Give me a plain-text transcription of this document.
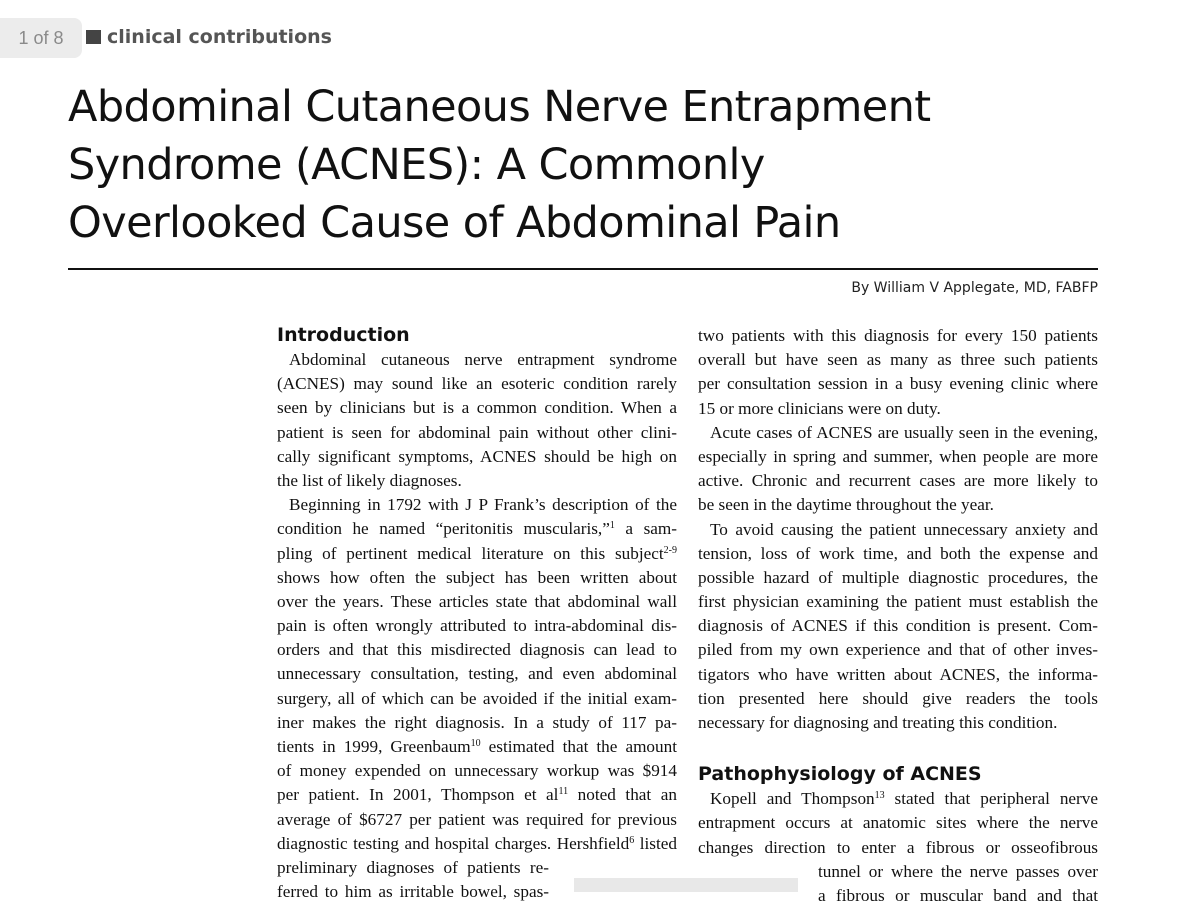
1 of 8	clinical contributions
Abdominal Cutaneous Nerve Entrapment
Syndrome (ACNES): A Commonly
Overlooked Cause of Abdominal Pain
By William V Applegate, MD, FABFP
Introduction
Abdominal cutaneous nerve entrapment syndrome
(ACNES) may sound like an esoteric condition rarely
seen by clinicians but is a common condition. When a
patient is seen for abdominal pain without other clini-
cally significant symptoms, ACNES should be high on
the list of likely diagnoses.
Beginning in 1792 with J P Frank’s description of the
condition he named “peritonitis muscularis,”$^1$ a sam-
pling of pertinent medical literature on this subject$^{2-9}$
shows how often the subject has been written about
over the years. These articles state that abdominal wall
pain is often wrongly attributed to intra-abdominal dis-
orders and that this misdirected diagnosis can lead to
unnecessary consultation, testing, and even abdominal
surgery, all of which can be avoided if the initial exam-
iner makes the right diagnosis. In a study of 117 pa-
tients in 1999, Greenbaum$^{10}$ estimated that the amount
of money expended on unnecessary workup was $914
per patient. In 2001, Thompson et $al^{11}$ noted that an
average of $6727 per patient was required for previous
diagnostic testing and hospital charges. Hershfield$^6$ listed
preliminary diagnoses of patients re-
ferred to him as irritable bowel, spas-
two patients with this diagnosis for every 150 patients
overall but have seen as many as three such patients
per consultation session in a busy evening clinic where
15 or more clinicians were on duty.
Acute cases of ACNES are usually seen in the evening,
especially in spring and summer, when people are more
active. Chronic and recurrent cases are more likely to
be seen in the daytime throughout the year.
To avoid causing the patient unnecessary anxiety and
tension, loss of work time, and both the expense and
possible hazard of multiple diagnostic procedures, the
first physician examining the patient must establish the
diagnosis of ACNES if this condition is present. Com-
piled from my own experience and that of other inves-
tigators who have written about ACNES, the informa-
tion presented here should give readers the tools
necessary for diagnosing and treating this condition.
Pathophysiology of ACNES
Kopell and Thompson$^{13}$ stated that peripheral nerve
entrapment occurs at anatomic sites where the nerve
changes direction to enter a fibrous or osseofibrous
tunnel or where the nerve passes over
a fibrous or muscular band and that
